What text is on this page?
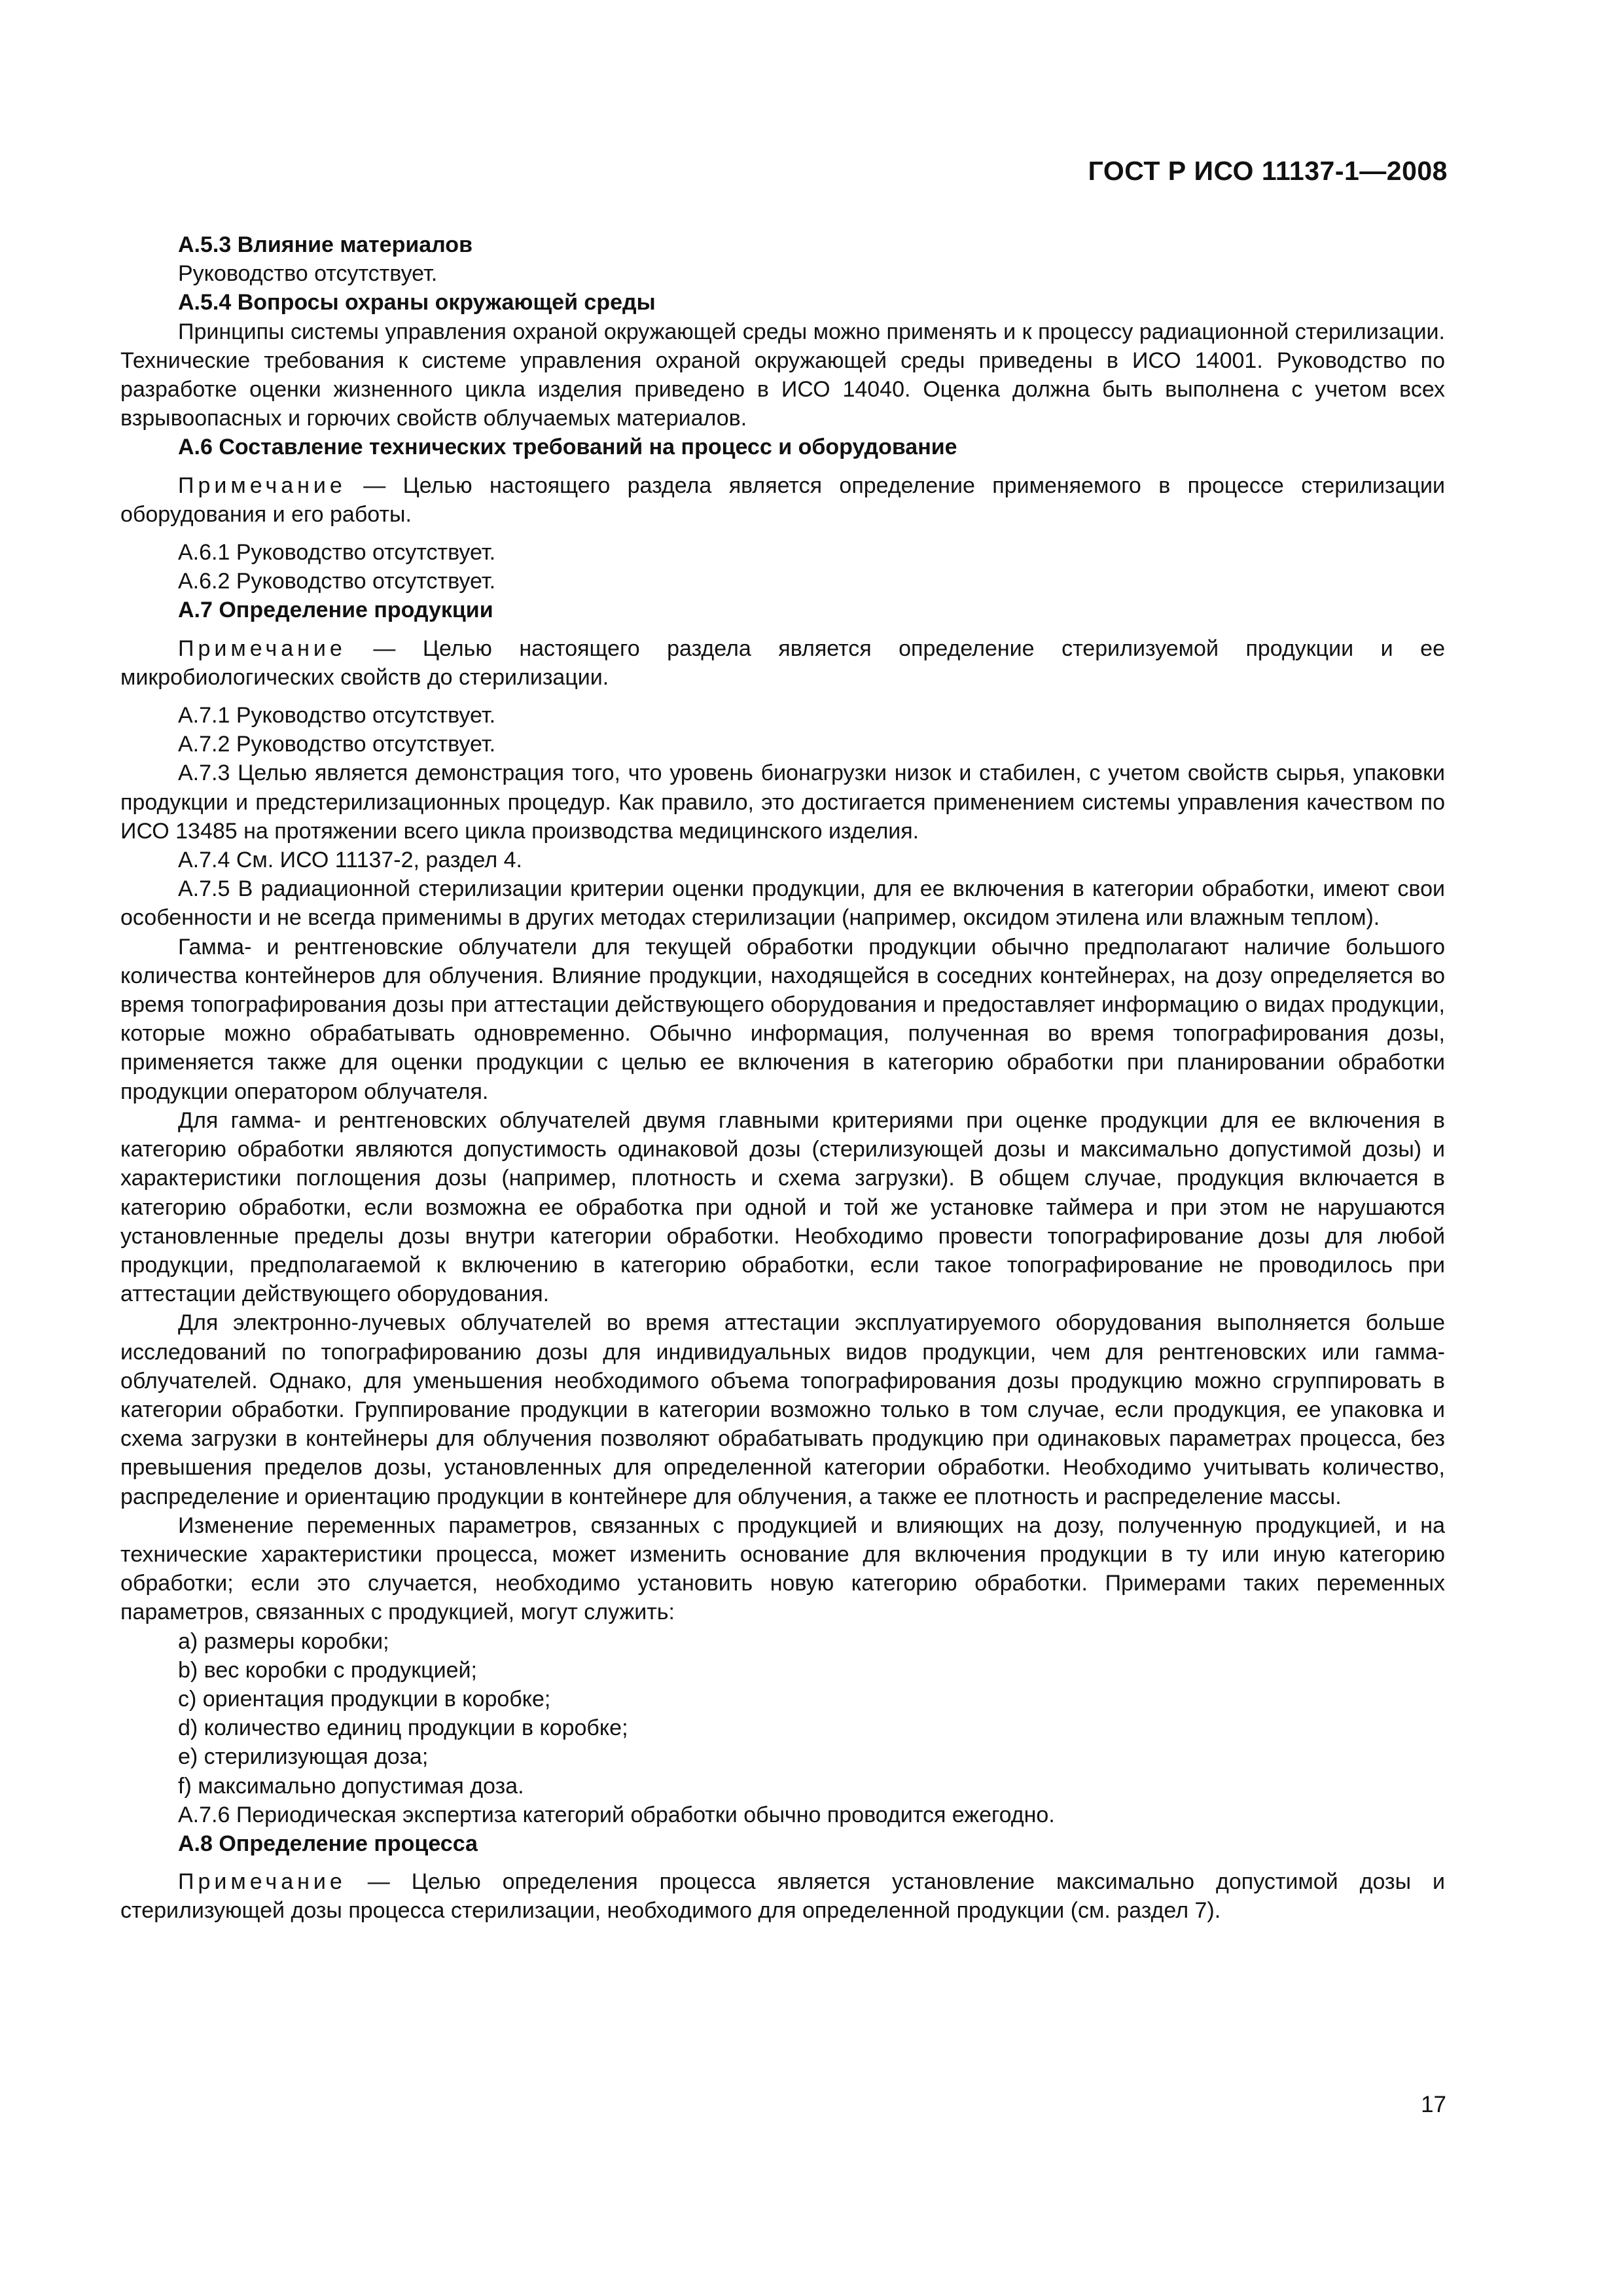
ГОСТ Р ИСО 11137-1—2008

А.5.3 Влияние материалов

Руководство отсутствует.

А.5.4 Вопросы охраны окружающей среды

Принципы системы управления охраной окружающей среды можно применять и к процессу радиационной стерилизации. Технические требования к системе управления охраной окружающей среды приведены в ИСО 14001. Руководство по разработке оценки жизненного цикла изделия приведено в ИСО 14040. Оценка должна быть выполнена с учетом всех взрывоопасных и горючих свойств облучаемых материалов.

А.6 Составление технических требований на процесс и оборудование

Примечание — Целью настоящего раздела является определение применяемого в процессе стерилизации оборудования и его работы.

А.6.1 Руководство отсутствует.

А.6.2 Руководство отсутствует.

А.7 Определение продукции

Примечание — Целью настоящего раздела является определение стерилизуемой продукции и ее микробиологических свойств до стерилизации.

А.7.1 Руководство отсутствует.

А.7.2 Руководство отсутствует.

А.7.3 Целью является демонстрация того, что уровень бионагрузки низок и стабилен, с учетом свойств сырья, упаковки продукции и предстерилизационных процедур. Как правило, это достигается применением системы управления качеством по ИСО 13485 на протяжении всего цикла производства медицинского изделия.

А.7.4 См. ИСО 11137-2, раздел 4.

А.7.5 В радиационной стерилизации критерии оценки продукции, для ее включения в категории обработки, имеют свои особенности и не всегда применимы в других методах стерилизации (например, оксидом этилена или влажным теплом).

Гамма- и рентгеновские облучатели для текущей обработки продукции обычно предполагают наличие большого количества контейнеров для облучения. Влияние продукции, находящейся в соседних контейнерах, на дозу определяется во время топографирования дозы при аттестации действующего оборудования и предоставляет информацию о видах продукции, которые можно обрабатывать одновременно. Обычно информация, полученная во время топографирования дозы, применяется также для оценки продукции с целью ее включения в категорию обработки при планировании обработки продукции оператором облучателя.

Для гамма- и рентгеновских облучателей двумя главными критериями при оценке продукции для ее включения в категорию обработки являются допустимость одинаковой дозы (стерилизующей дозы и максимально допустимой дозы) и характеристики поглощения дозы (например, плотность и схема загрузки). В общем случае, продукция включается в категорию обработки, если возможна ее обработка при одной и той же установке таймера и при этом не нарушаются установленные пределы дозы внутри категории обработки. Необходимо провести топографирование дозы для любой продукции, предполагаемой к включению в категорию обработки, если такое топографирование не проводилось при аттестации действующего оборудования.

Для электронно-лучевых облучателей во время аттестации эксплуатируемого оборудования выполняется больше исследований по топографированию дозы для индивидуальных видов продукции, чем для рентгеновских или гамма-облучателей. Однако, для уменьшения необходимого объема топографирования дозы продукцию можно сгруппировать в категории обработки. Группирование продукции в категории возможно только в том случае, если продукция, ее упаковка и схема загрузки в контейнеры для облучения позволяют обрабатывать продукцию при одинаковых параметрах процесса, без превышения пределов дозы, установленных для определенной категории обработки. Необходимо учитывать количество, распределение и ориентацию продукции в контейнере для облучения, а также ее плотность и распределение массы.

Изменение переменных параметров, связанных с продукцией и влияющих на дозу, полученную продукцией, и на технические характеристики процесса, может изменить основание для включения продукции в ту или иную категорию обработки; если это случается, необходимо установить новую категорию обработки. Примерами таких переменных параметров, связанных с продукцией, могут служить:

a) размеры коробки;

b) вес коробки с продукцией;

c) ориентация продукции в коробке;

d) количество единиц продукции в коробке;

e) стерилизующая доза;

f) максимально допустимая доза.

А.7.6 Периодическая экспертиза категорий обработки обычно проводится ежегодно.

А.8 Определение процесса

Примечание — Целью определения процесса является установление максимально допустимой дозы и стерилизующей дозы процесса стерилизации, необходимого для определенной продукции (см. раздел 7).

17
